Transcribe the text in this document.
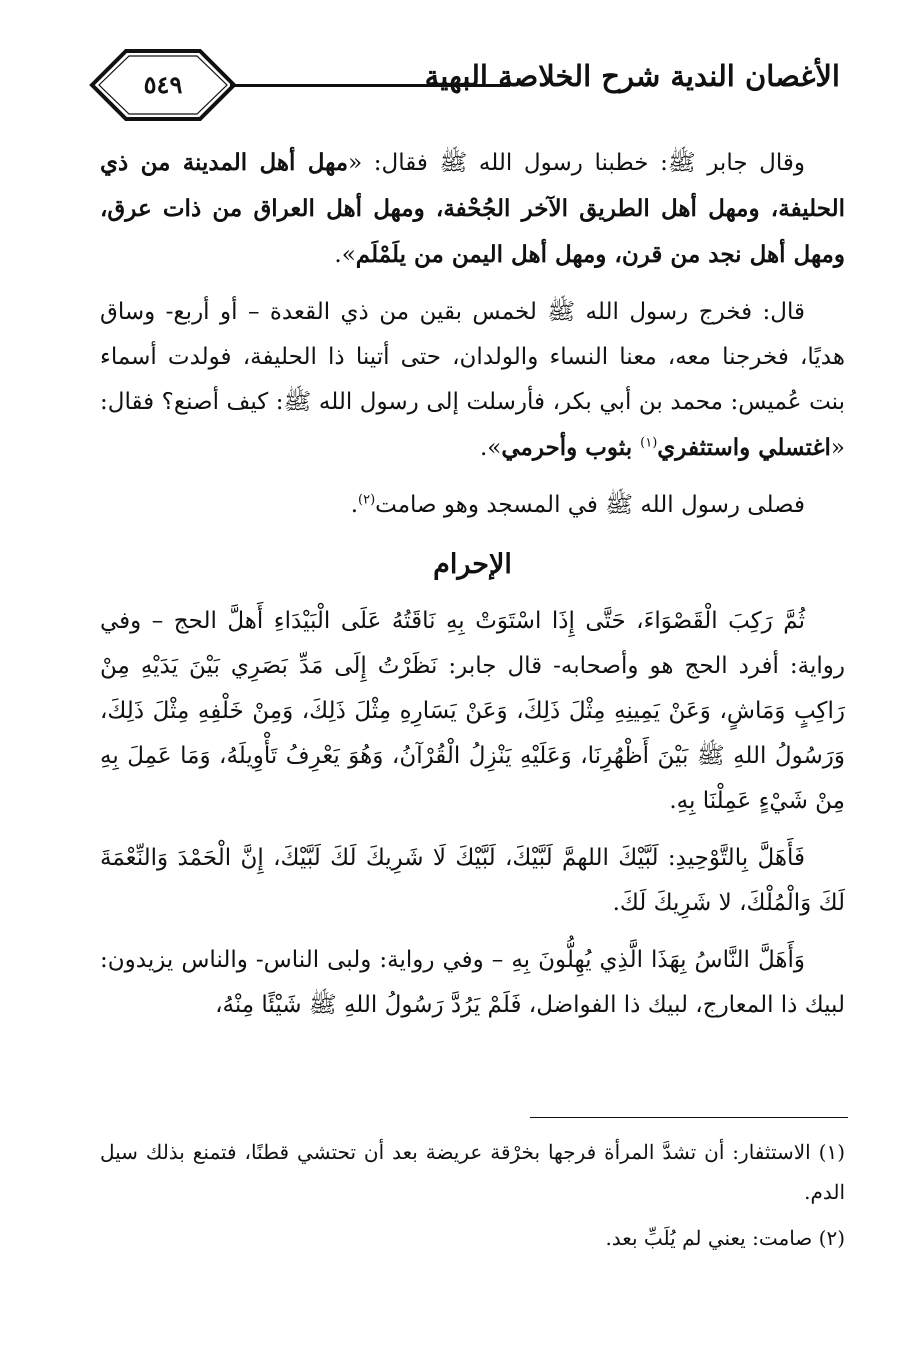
٥٤٩	الأغصان الندية شرح الخلاصة البهية

وقال جابر ﷺ: خطبنا رسول الله ﷺ فقال: «مهل أهل المدينة من ذي الحليفة، ومهل أهل الطريق الآخر الجُحْفة، ومهل أهل العراق من ذات عرق، ومهل أهل نجد من قرن، ومهل أهل اليمن من يلَمْلَم».

قال: فخرج رسول الله ﷺ لخمس بقين من ذي القعدة – أو أربع- وساق هديًا، فخرجنا معه، معنا النساء والولدان، حتى أتينا ذا الحليفة، فولدت أسماء بنت عُميس: محمد بن أبي بكر، فأرسلت إلى رسول الله ﷺ: كيف أصنع؟ فقال: «اغتسلي واستثفري$^{(١)}$ بثوب وأحرمي».

فصلى رسول الله ﷺ في المسجد وهو صامت$^{(٢)}$.

الإحرام

ثُمَّ رَكِبَ الْقَصْوَاءَ، حَتَّى إِذَا اسْتَوَتْ بِهِ نَاقَتُهُ عَلَى الْبَيْدَاءِ أَهلَّ الحج – وفي رواية: أفرد الحج هو وأصحابه- قال جابر: نَظَرْتُ إِلَى مَدِّ بَصَرِي بَيْنَ يَدَيْهِ مِنْ رَاكِبٍ وَمَاشٍ، وَعَنْ يَمِينِهِ مِثْلَ ذَلِكَ، وَعَنْ يَسَارِهِ مِثْلَ ذَلِكَ، وَمِنْ خَلْفِهِ مِثْلَ ذَلِكَ، وَرَسُولُ اللهِ ﷺ بَيْنَ أَظْهُرِنَا، وَعَلَيْهِ يَنْزِلُ الْقُرْآنُ، وَهُوَ يَعْرِفُ تَأْوِيلَهُ، وَمَا عَمِلَ بِهِ مِنْ شَيْءٍ عَمِلْنَا بِهِ.

فَأَهَلَّ بِالتَّوْحِيدِ: لَبَّيْكَ اللهمَّ لَبَّيْكَ، لَبَّيْكَ لَا شَرِيكَ لَكَ لَبَّيْكَ، إِنَّ الْحَمْدَ وَالنِّعْمَةَ لَكَ وَالْمُلْكَ، لا شَرِيكَ لَكَ.

وَأَهَلَّ النَّاسُ بِهَذَا الَّذِي يُهِلُّونَ بِهِ – وفي رواية: ولبى الناس- والناس يزيدون: لبيك ذا المعارج، لبيك ذا الفواضل، فَلَمْ يَرُدَّ رَسُولُ اللهِ ﷺ شَيْئًا مِنْهُ،

(١) الاستثفار: أن تشدَّ المرأة فرجها بخرْقة عريضة بعد أن تحتشي قطنًا، فتمنع بذلك سيل الدم.

(٢) صامت: يعني لم يُلَبِّ بعد.
